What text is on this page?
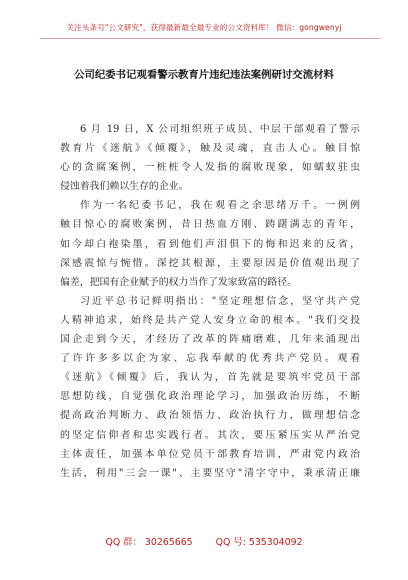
关注头条号"公文研究"，获得最新最全最专业的公文资料库！ 微信：gongwenyj
公司纪委书记观看警示教育片违纪违法案例研讨交流材料
6 月 19 日，X 公司组织班子成员、中层干部观看了警示
教育片《迷航》《倾覆》，触及灵魂，直击人心。触目惊
心的贪腐案例，一桩桩令人发指的腐败现象，如蠕蚁驻虫
侵蚀着我们赖以生存的企业。
作为一名纪委书记，我在观看之余思绪万千。一例例
触目惊心的腐败案例，昔日热血方刚、踌躇满志的青年，
如今却白袍染墨，看到他们声泪俱下的悔和迟来的反省，
深感震惊与惋惜。深挖其根源，主要原因是价值观出现了
偏差，把国有企业赋予的权力当作了发家致富的路径。
习近平总书记鲜明指出："坚定理想信念，坚守共产党
人精神追求，始终是共产党人安身立命的根本。"我们交投
国企走到今天，才经历了改革的阵痛磨难，几年来涌现出
了许许多多以企为家、忘我奉献的优秀共产党员。观看
《迷航》《倾覆》后，我认为，首先就是要筑牢党员干部
思想防线，自觉强化政治理论学习，加强政治历练，不断
提高政治判断力、政治领悟力、政治执行力，做理想信念
的坚定信仰者和忠实践行者。其次，要压紧压实从严治党
主体责任，加强本单位党员干部教育培训，严肃党内政治
生活，利用"三会一课"、主要坚守"清字守中，秉承清正廉
QQ 群： 30265665 QQ 号: 535304092
